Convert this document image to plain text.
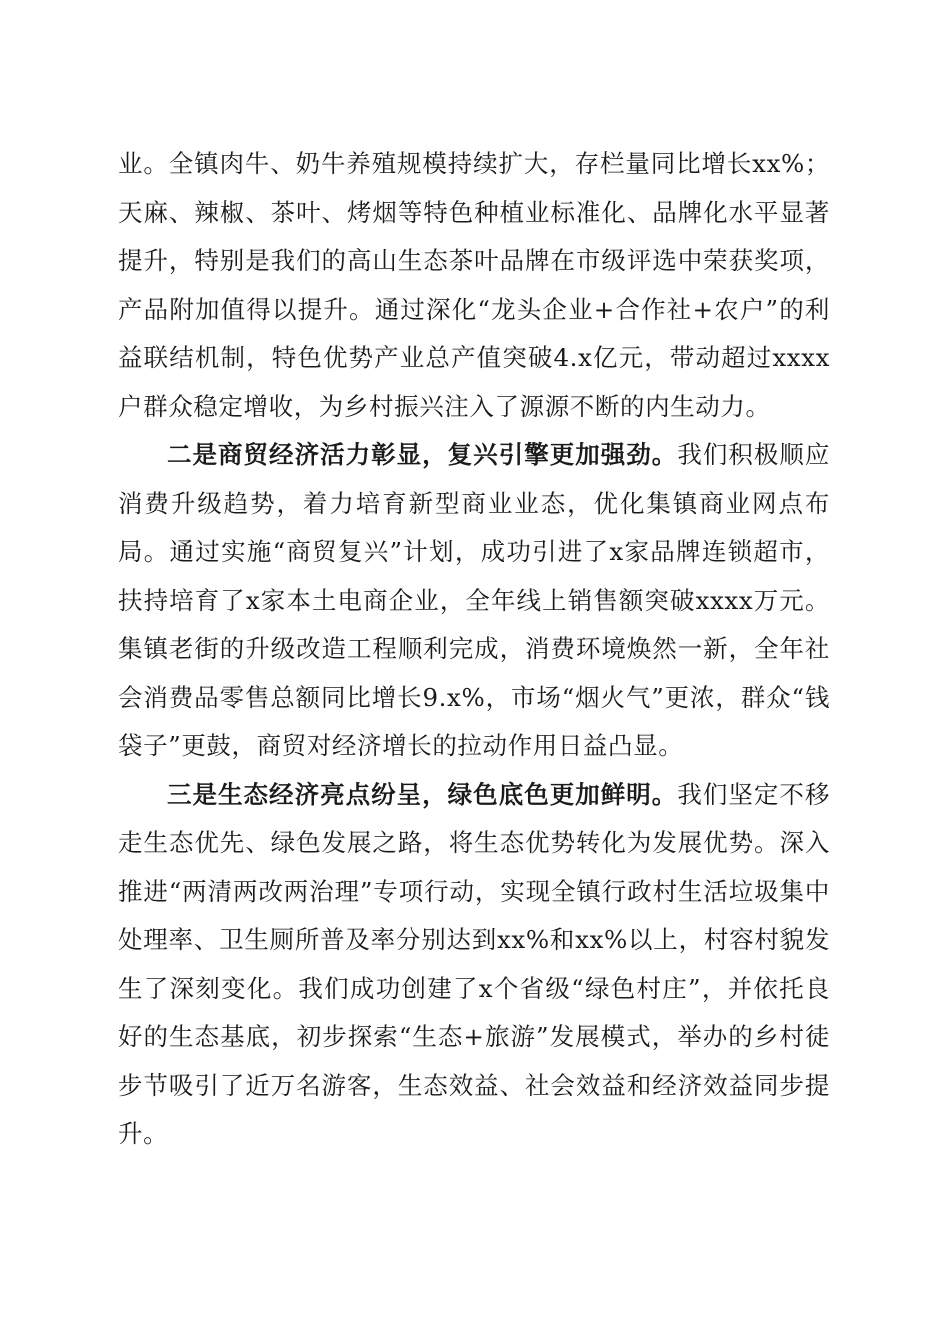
业。全镇肉牛、奶牛养殖规模持续扩大，存栏量同比增长xx%；天麻、辣椒、茶叶、烤烟等特色种植业标准化、品牌化水平显著提升，特别是我们的高山生态茶叶品牌在市级评选中荣获奖项，产品附加值得以提升。通过深化“龙头企业+合作社+农户”的利益联结机制，特色优势产业总产值突破4.x亿元，带动超过xxxx户群众稳定增收，为乡村振兴注入了源源不断的内生动力。

二是商贸经济活力彰显，复兴引擎更加强劲。我们积极顺应消费升级趋势，着力培育新型商业业态，优化集镇商业网点布局。通过实施“商贸复兴”计划，成功引进了x家品牌连锁超市，扶持培育了x家本土电商企业，全年线上销售额突破xxxx万元。集镇老街的升级改造工程顺利完成，消费环境焕然一新，全年社会消费品零售总额同比增长9.x%，市场“烟火气”更浓，群众“钱袋子”更鼓，商贸对经济增长的拉动作用日益凸显。

三是生态经济亮点纷呈，绿色底色更加鲜明。我们坚定不移走生态优先、绿色发展之路，将生态优势转化为发展优势。深入推进“两清两改两治理”专项行动，实现全镇行政村生活垃圾集中处理率、卫生厕所普及率分别达到xx%和xx%以上，村容村貌发生了深刻变化。我们成功创建了x个省级“绿色村庄”，并依托良好的生态基底，初步探索“生态+旅游”发展模式，举办的乡村徒步节吸引了近万名游客，生态效益、社会效益和经济效益同步提升。
